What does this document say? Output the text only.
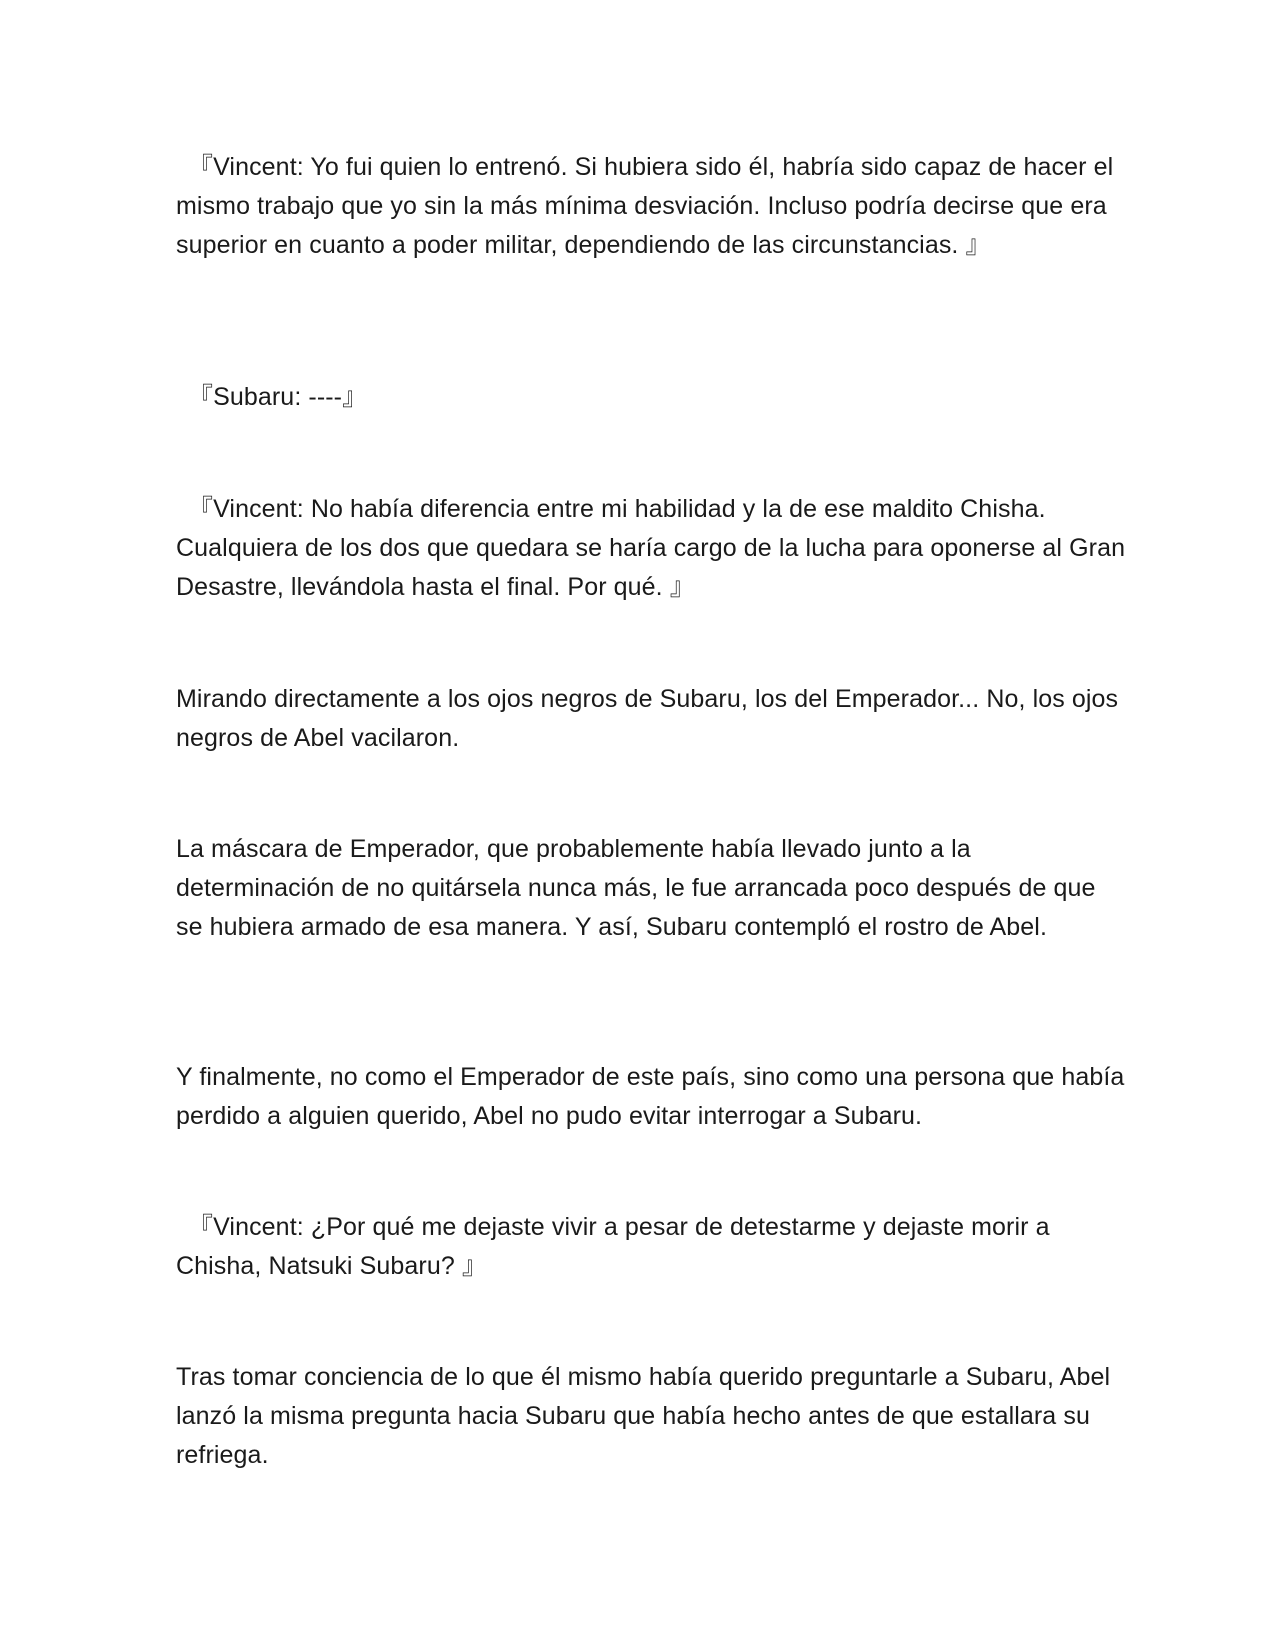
『Vincent: Yo fui quien lo entrenó. Si hubiera sido él, habría sido capaz de hacer el mismo trabajo que yo sin la más mínima desviación. Incluso podría decirse que era superior en cuanto a poder militar, dependiendo de las circunstancias. 』

『Subaru: ----』

『Vincent: No había diferencia entre mi habilidad y la de ese maldito Chisha. Cualquiera de los dos que quedara se haría cargo de la lucha para oponerse al Gran Desastre, llevándola hasta el final. Por qué. 』

Mirando directamente a los ojos negros de Subaru, los del Emperador... No, los ojos negros de Abel vacilaron.

La máscara de Emperador, que probablemente había llevado junto a la determinación de no quitársela nunca más, le fue arrancada poco después de que se hubiera armado de esa manera. Y así, Subaru contempló el rostro de Abel.

Y finalmente, no como el Emperador de este país, sino como una persona que había perdido a alguien querido, Abel no pudo evitar interrogar a Subaru.

『Vincent: ¿Por qué me dejaste vivir a pesar de detestarme y dejaste morir a Chisha, Natsuki Subaru? 』

Tras tomar conciencia de lo que él mismo había querido preguntarle a Subaru, Abel lanzó la misma pregunta hacia Subaru que había hecho antes de que estallara su refriega.
